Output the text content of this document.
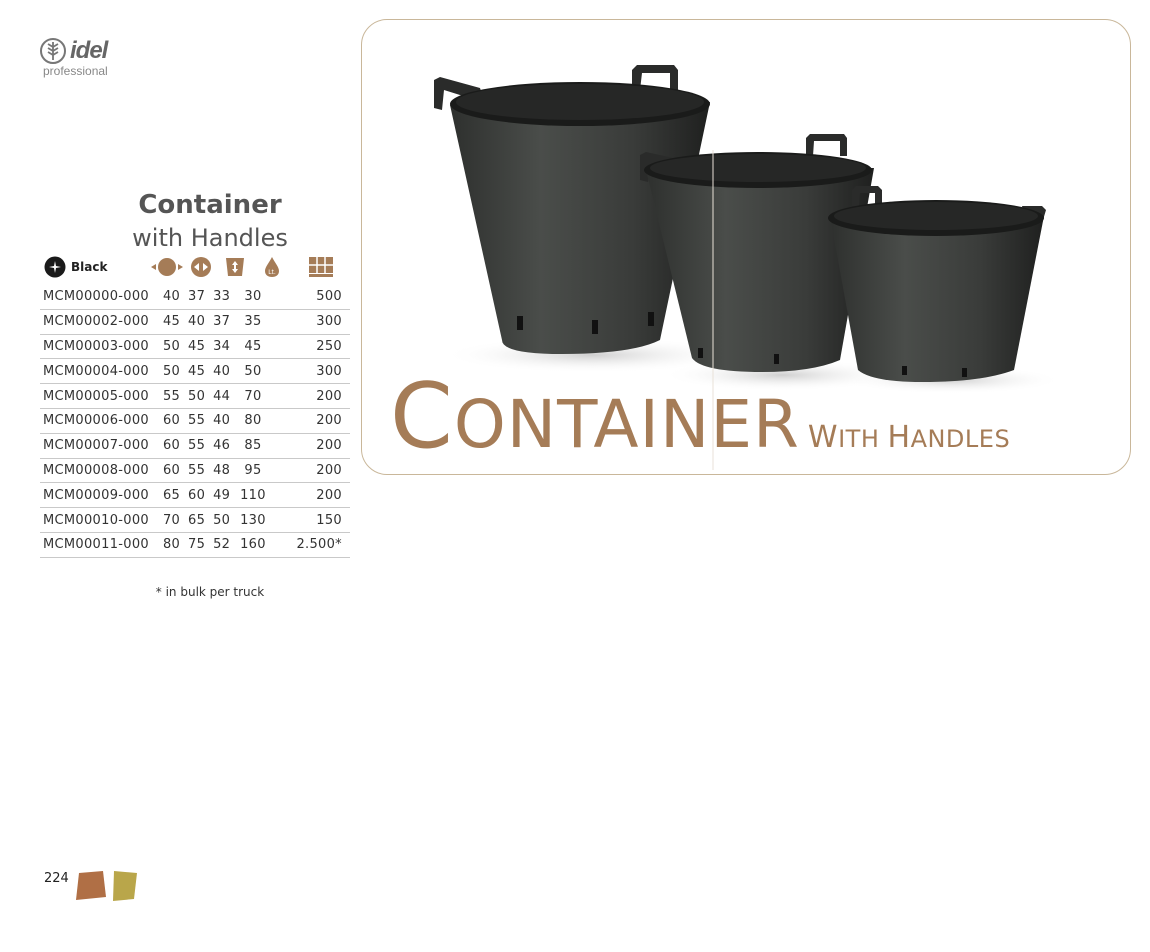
idel
professional
Container
with Handles
Black	Lt.
MCM00000-000	40	37	33	30	500
MCM00002-000	45	40	37	35	300
MCM00003-000	50	45	34	45	250
MCM00004-000	50	45	40	50	300
MCM00005-000	55	50	44	70	200
MCM00006-000	60	55	40	80	200
MCM00007-000	60	55	46	85	200
MCM00008-000	60	55	48	95	200
MCM00009-000	65	60	49	110	200
MCM00010-000	70	65	50	130	150
MCM00011-000	80	75	52	160	2.500*
* in bulk per truck
224
CONTAINER WITH HANDLES
